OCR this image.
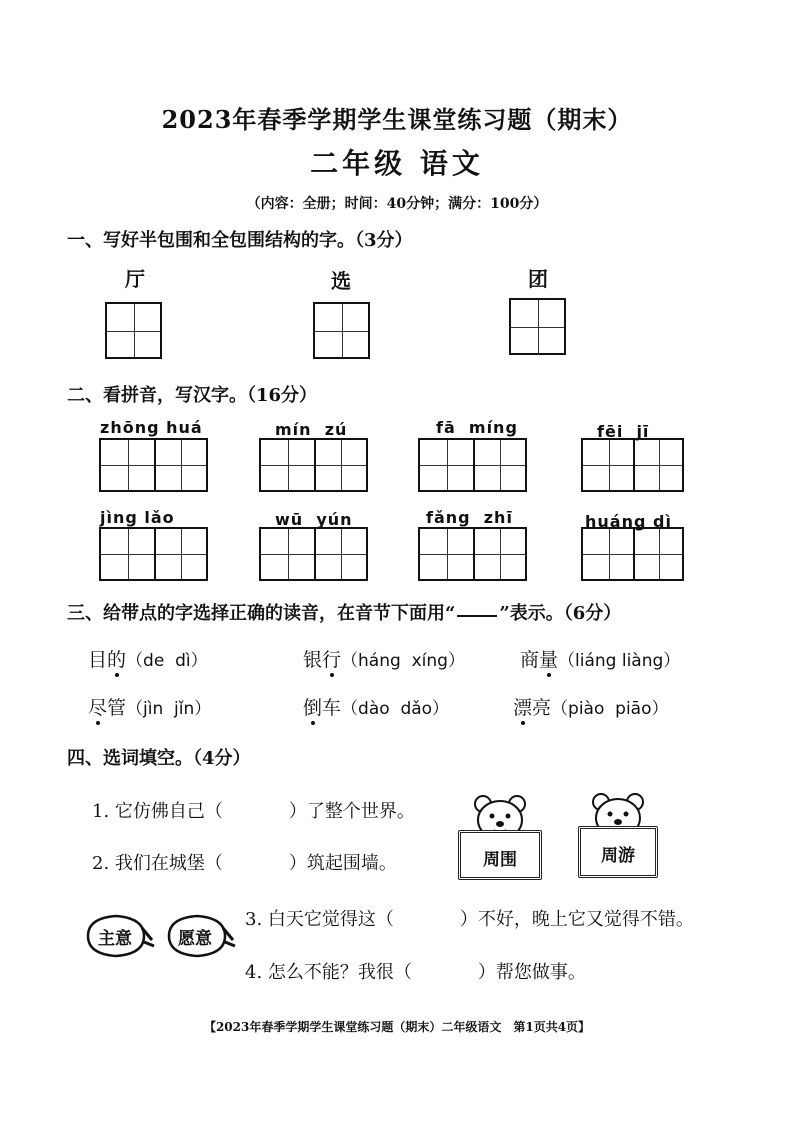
2023年春季学期学生课堂练习题（期末）
二年级 语文
（内容：全册；时间：40分钟；满分：100分）
一、写好半包围和全包围结构的字。（3分）
厅	选	团
二、看拼音，写汉字。（16分）
zhōng huá	mín  zú	fā  míng	fēi  jī
jìng lǎo	wū  yún	fǎng  zhī	huáng dì
三、给带点的字选择正确的读音，在音节下面用“ ”表示。（6分）
目的（de  dì）	银行（háng  xíng）	商量（liáng liàng）
尽管（jìn  jǐn）	倒车（dào  dǎo）	漂亮（piào  piāo）
四、选词填空。（4分）
1. 它仿佛自己（	）了整个世界。
2. 我们在城堡（	）筑起围墙。
3. 白天它觉得这（	）不好，晚上它又觉得不错。
4. 怎么不能？我很（	）帮您做事。
周围	周游
主意	愿意
【2023年春季学期学生课堂练习题（期末）二年级语文　第1页共4页】
